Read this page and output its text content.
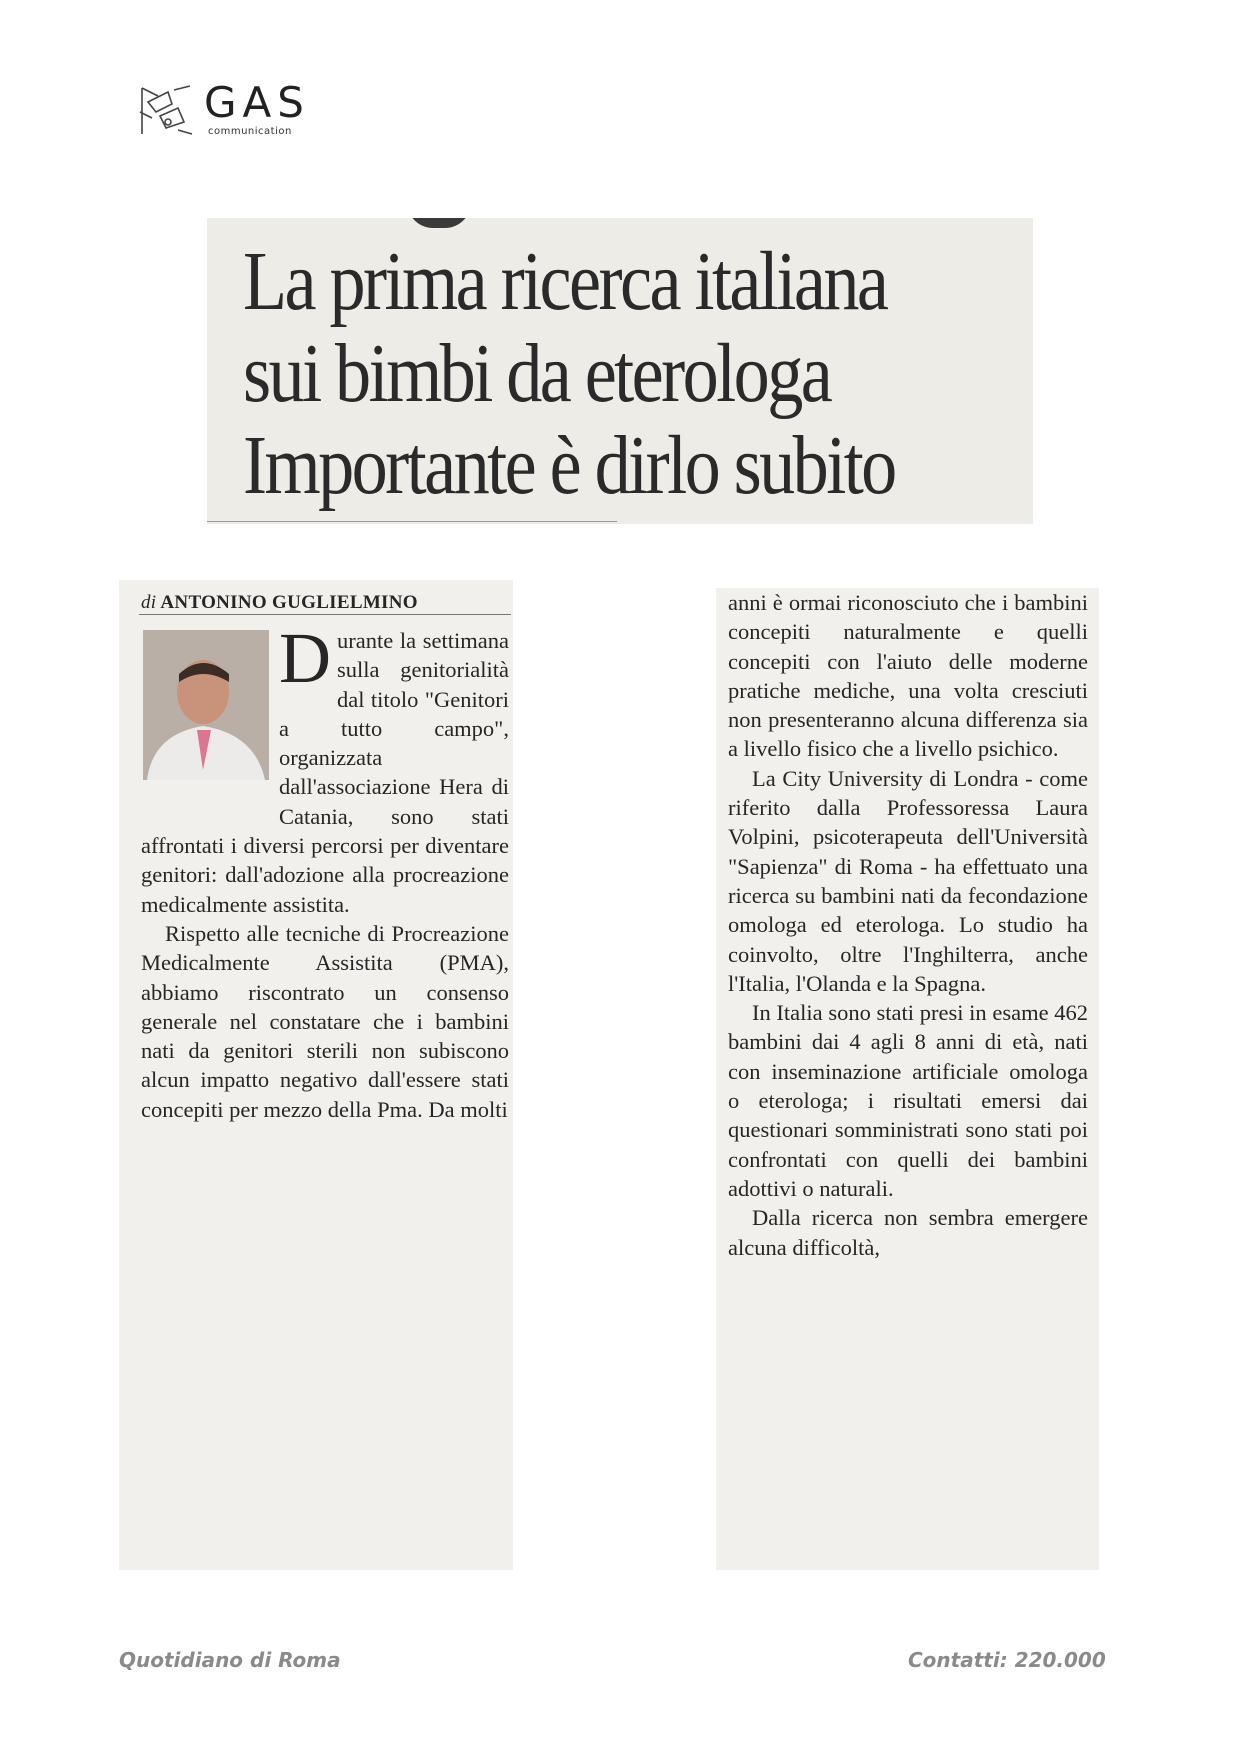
GAS
communication
La prima ricerca italiana
sui bimbi da eterologa
Importante è dirlo subito
di ANTONINO GUGLIELMINO

Durante la settimana sulla genitorialità dal titolo "Genitori a tutto campo", organizzata dall'associazione Hera di Catania, sono stati affrontati i diversi percorsi per diventare genitori: dall'adozione alla procreazione medicalmente assistita.

Rispetto alle tecniche di Procreazione Medicalmente Assistita (PMA), abbiamo riscontrato un consenso generale nel constatare che i bambini nati da genitori sterili non subiscono alcun impatto negativo dall'essere stati concepiti per mezzo della Pma. Da molti

anni è ormai riconosciuto che i bambini concepiti naturalmente e quelli concepiti con l'aiuto delle moderne pratiche mediche, una volta cresciuti non presenteranno alcuna differenza sia a livello fisico che a livello psichico.

La City University di Londra - come riferito dalla Professoressa Laura Volpini, psicoterapeuta dell'Università "Sapienza" di Roma - ha effettuato una ricerca su bambini nati da fecondazione omologa ed eterologa. Lo studio ha coinvolto, oltre l'Inghilterra, anche l'Italia, l'Olanda e la Spagna.

In Italia sono stati presi in esame 462 bambini dai 4 agli 8 anni di età, nati con inseminazione artificiale omologa o eterologa; i risultati emersi dai questionari somministrati sono stati poi confrontati con quelli dei bambini adottivi o naturali.

Dalla ricerca non sembra emergere alcuna difficoltà,

Quotidiano di Roma	Contatti: 220.000
